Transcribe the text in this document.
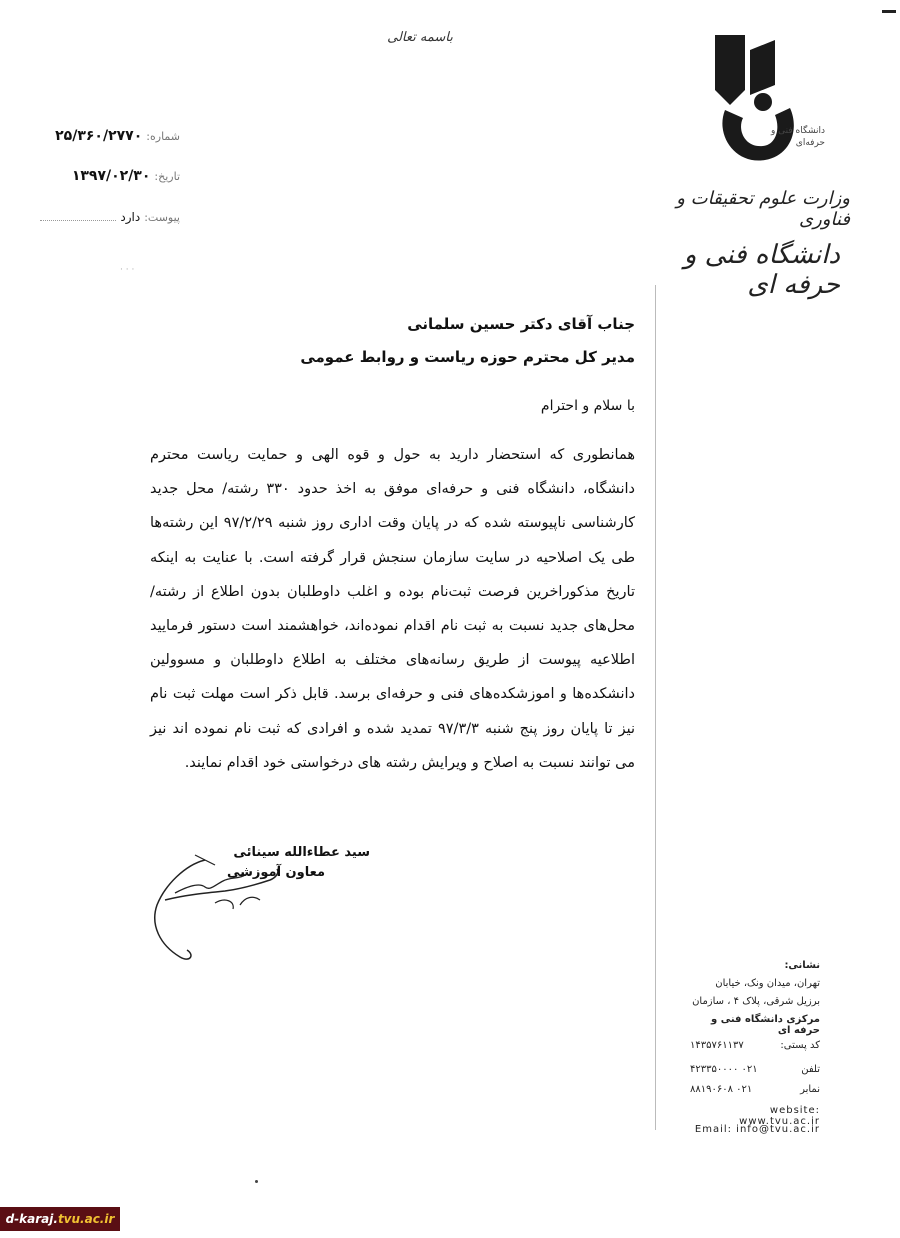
باسمه تعالی
شماره:
۲۵/۳۶۰/۲۷۷۰
تاریخ:
۱۳۹۷/۰۲/۳۰
پیوست:
دارد
· · ·
دانشگاه فنی و حرفه‌ای
وزارت علوم تحقیقات و فناوری
دانشگاه فنی و حرفه ای
جناب آقای دکتر حسین سلمانی
مدیر کل محترم حوزه ریاست و روابط عمومی
با سلام و احترام
همانطوری که استحضار دارید به حول و قوه الهی و حمایت ریاست محترم دانشگاه، دانشگاه فنی و حرفه‌ای موفق به اخذ حدود ۳۳۰ رشته/ محل جدید کارشناسی ناپیوسته شده که در پایان وقت اداری روز شنبه ۹۷/۲/۲۹ این رشته‌ها طی یک اصلاحیه در سایت سازمان سنجش قرار گرفته است. با عنایت به اینکه تاریخ مذکوراخرین فرصت ثبت‌نام بوده و اغلب داوطلبان بدون اطلاع از رشته/محل‌های جدید نسبت به ثبت نام اقدام نموده‌اند، خواهشمند است دستور فرمایید اطلاعیه پیوست از طریق رسانه‌های مختلف به اطلاع داوطلبان و مسوولین دانشکده‌ها و اموزشکده‌های فنی و حرفه‌ای برسد. قابل ذکر است مهلت ثبت نام نیز تا پایان روز پنج شنبه ۹۷/۳/۳ تمدید شده و افرادی که ثبت نام نموده اند نیز می توانند نسبت به اصلاح و ویرایش رشته های درخواستی خود اقدام نمایند.
سید عطاءالله سینائی
معاون آموزشی
نشانی:
تهران، میدان ونک، خیابان
برزیل شرقی، پلاک ۴ ، سازمان
مرکزی دانشگاه فنی و حرفه ای
کد پستی:
۱۴۳۵۷۶۱۱۳۷
تلفن
۰۲۱ ۴۲۳۳۵۰۰۰۰
نمابر
۰۲۱ ۸۸۱۹۰۶۰۸
website: www.tvu.ac.ir
Email: info@tvu.ac.ir
d-karaj. tvu.ac.ir
